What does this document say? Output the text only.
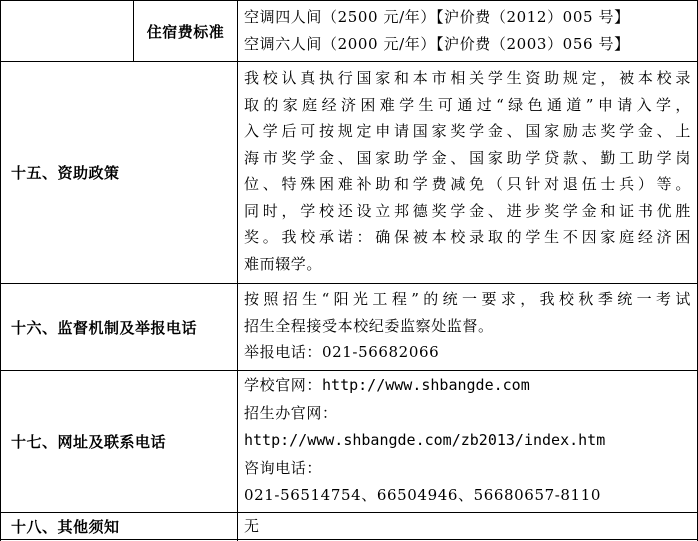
住宿费标准

空调四人间（2500 元/年）【沪价费（2012）005 号】

空调六人间（2000 元/年）【沪价费（2003）056 号】

十五、资助政策

我校认真执行国家和本市相关学生资助规定，被本校录

取的家庭经济困难学生可通过“绿色通道”申请入学，

入学后可按规定申请国家奖学金、国家励志奖学金、上

海市奖学金、国家助学金、国家助学贷款、勤工助学岗

位、特殊困难补助和学费减免（只针对退伍士兵）等。

同时，学校还设立邦德奖学金、进步奖学金和证书优胜

奖。我校承诺：确保被本校录取的学生不因家庭经济困

难而辍学。

十六、监督机制及举报电话

按照招生“阳光工程”的统一要求，我校秋季统一考试

招生全程接受本校纪委监察处监督。

举报电话：021-56682066

十七、网址及联系电话

学校官网：http://www.shbangde.com

招生办官网：

http://www.shbangde.com/zb2013/index.htm

咨询电话：

021-56514754、66504946、56680657-8110

十八、其他须知	无
